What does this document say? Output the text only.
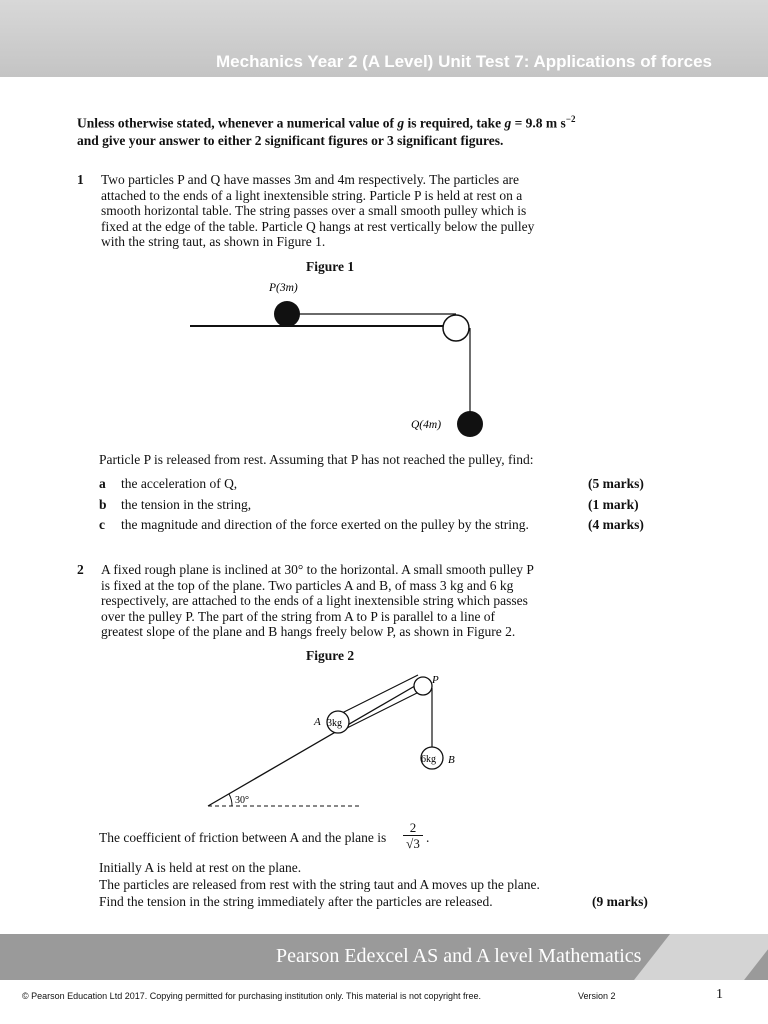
Mechanics Year 2 (A Level) Unit Test 7: Applications of forces
Unless otherwise stated, whenever a numerical value of g is required, take g = 9.8 m $s^{-2}$
and give your answer to either 2 significant figures or 3 significant figures.
1 Two particles P and Q have masses 3m and 4m respectively. The particles are
attached to the ends of a light inextensible string. Particle P is held at rest on a
smooth horizontal table. The string passes over a small smooth pulley which is
fixed at the edge of the table. Particle Q hangs at rest vertically below the pulley
with the string taut, as shown in Figure 1.
Figure 1
P(3m)
Q(4m)
P
A 3kg
6kg B
30°
Particle P is released from rest. Assuming that P has not reached the pulley, find:
a the acceleration of Q,	(5 marks)
b the tension in the string,	(1 mark)
c the magnitude and direction of the force exerted on the pulley by the string.	(4 marks)
2 A fixed rough plane is inclined at 30° to the horizontal. A small smooth pulley P
is fixed at the top of the plane. Two particles A and B, of mass 3 kg and 6 kg
respectively, are attached to the ends of a light inextensible string which passes
over the pulley P. The part of the string from A to P is parallel to a line of
greatest slope of the plane and B hangs freely below P, as shown in Figure 2.
Figure 2
The coefficient of friction between A and the plane is $\frac{2}{√3}$ .
Initially A is held at rest on the plane.
The particles are released from rest with the string taut and A moves up the plane.
Find the tension in the string immediately after the particles are released.	(9 marks)
Pearson Edexcel AS and A level Mathematics
© Pearson Education Ltd 2017. Copying permitted for purchasing institution only. This material is not copyright free.	Version 2	1
